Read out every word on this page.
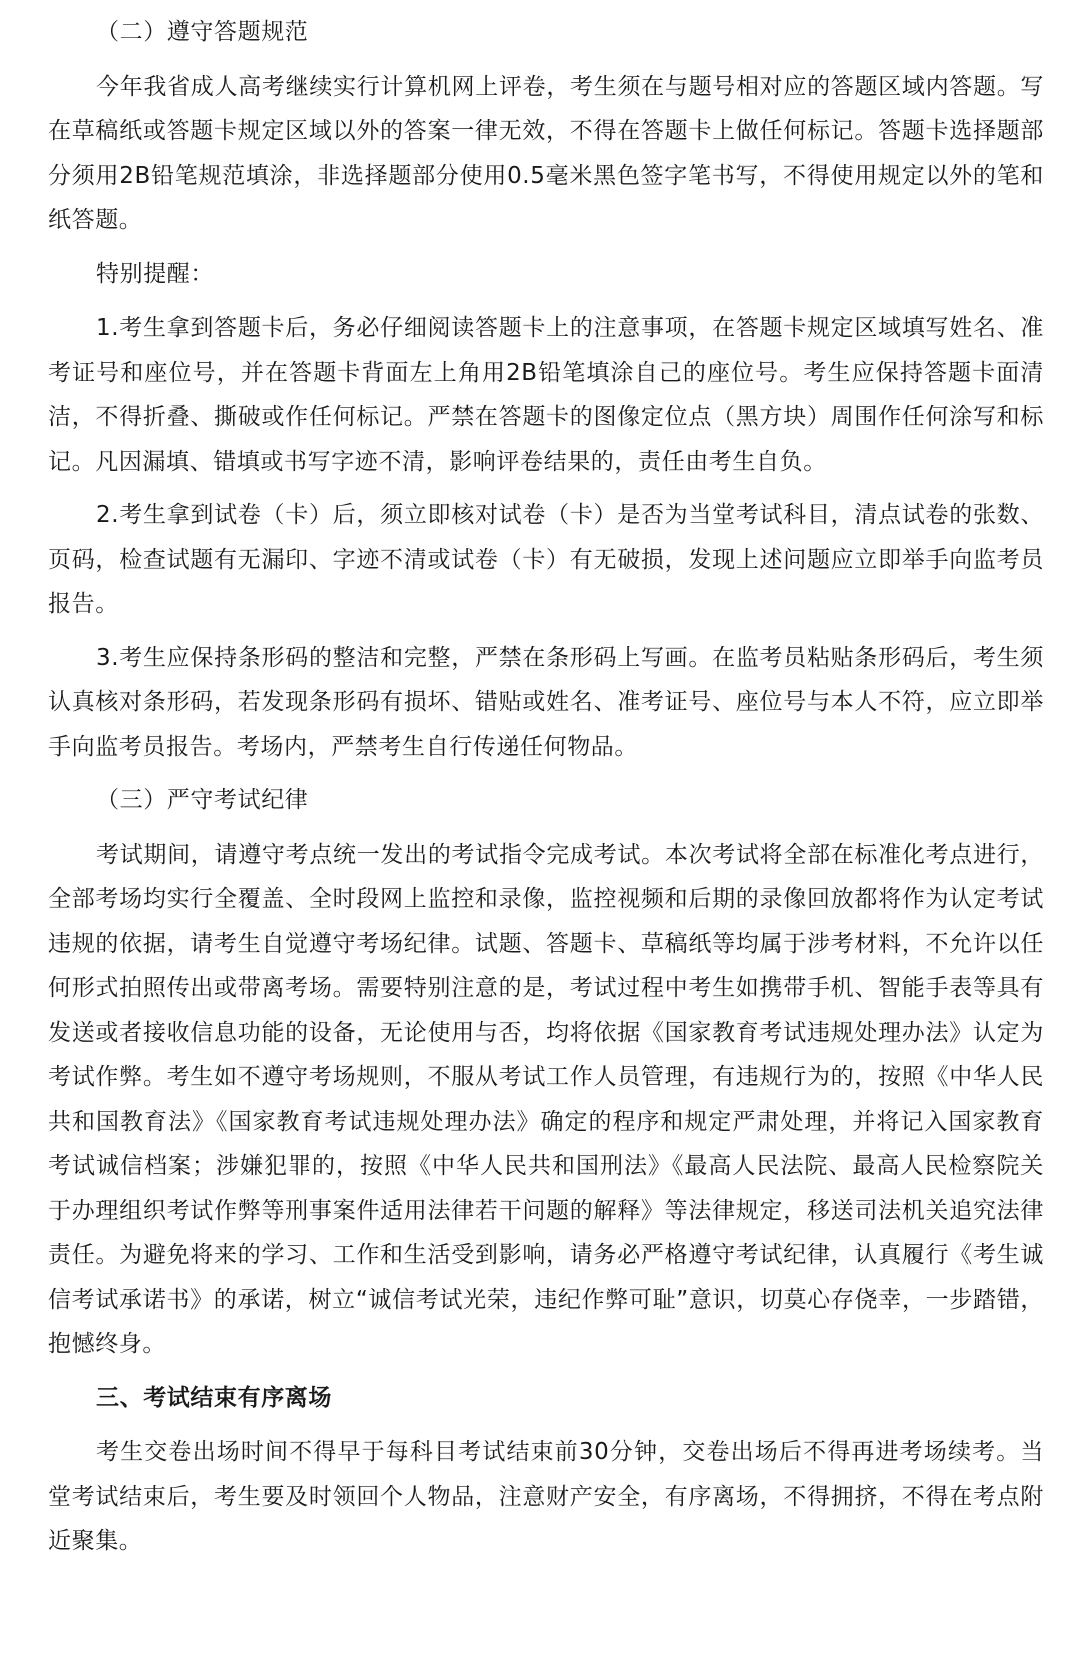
（二）遵守答题规范

今年我省成人高考继续实行计算机网上评卷，考生须在与题号相对应的答题区域内答题。写在草稿纸或答题卡规定区域以外的答案一律无效，不得在答题卡上做任何标记。答题卡选择题部分须用2B铅笔规范填涂，非选择题部分使用0.5毫米黑色签字笔书写，不得使用规定以外的笔和纸答题。

特别提醒：

1.考生拿到答题卡后，务必仔细阅读答题卡上的注意事项，在答题卡规定区域填写姓名、准考证号和座位号，并在答题卡背面左上角用2B铅笔填涂自己的座位号。考生应保持答题卡面清洁，不得折叠、撕破或作任何标记。严禁在答题卡的图像定位点（黑方块）周围作任何涂写和标记。凡因漏填、错填或书写字迹不清，影响评卷结果的，责任由考生自负。

2.考生拿到试卷（卡）后，须立即核对试卷（卡）是否为当堂考试科目，清点试卷的张数、页码，检查试题有无漏印、字迹不清或试卷（卡）有无破损，发现上述问题应立即举手向监考员报告。

3.考生应保持条形码的整洁和完整，严禁在条形码上写画。在监考员粘贴条形码后，考生须认真核对条形码，若发现条形码有损坏、错贴或姓名、准考证号、座位号与本人不符，应立即举手向监考员报告。考场内，严禁考生自行传递任何物品。

（三）严守考试纪律

考试期间，请遵守考点统一发出的考试指令完成考试。本次考试将全部在标准化考点进行，全部考场均实行全覆盖、全时段网上监控和录像，监控视频和后期的录像回放都将作为认定考试违规的依据，请考生自觉遵守考场纪律。试题、答题卡、草稿纸等均属于涉考材料，不允许以任何形式拍照传出或带离考场。需要特别注意的是，考试过程中考生如携带手机、智能手表等具有发送或者接收信息功能的设备，无论使用与否，均将依据《国家教育考试违规处理办法》认定为考试作弊。考生如不遵守考场规则，不服从考试工作人员管理，有违规行为的，按照《中华人民共和国教育法》《国家教育考试违规处理办法》确定的程序和规定严肃处理，并将记入国家教育考试诚信档案；涉嫌犯罪的，按照《中华人民共和国刑法》《最高人民法院、最高人民检察院关于办理组织考试作弊等刑事案件适用法律若干问题的解释》等法律规定，移送司法机关追究法律责任。为避免将来的学习、工作和生活受到影响，请务必严格遵守考试纪律，认真履行《考生诚信考试承诺书》的承诺，树立“诚信考试光荣，违纪作弊可耻”意识，切莫心存侥幸，一步踏错，抱憾终身。

三、考试结束有序离场

考生交卷出场时间不得早于每科目考试结束前30分钟，交卷出场后不得再进考场续考。当堂考试结束后，考生要及时领回个人物品，注意财产安全，有序离场，不得拥挤，不得在考点附近聚集。
